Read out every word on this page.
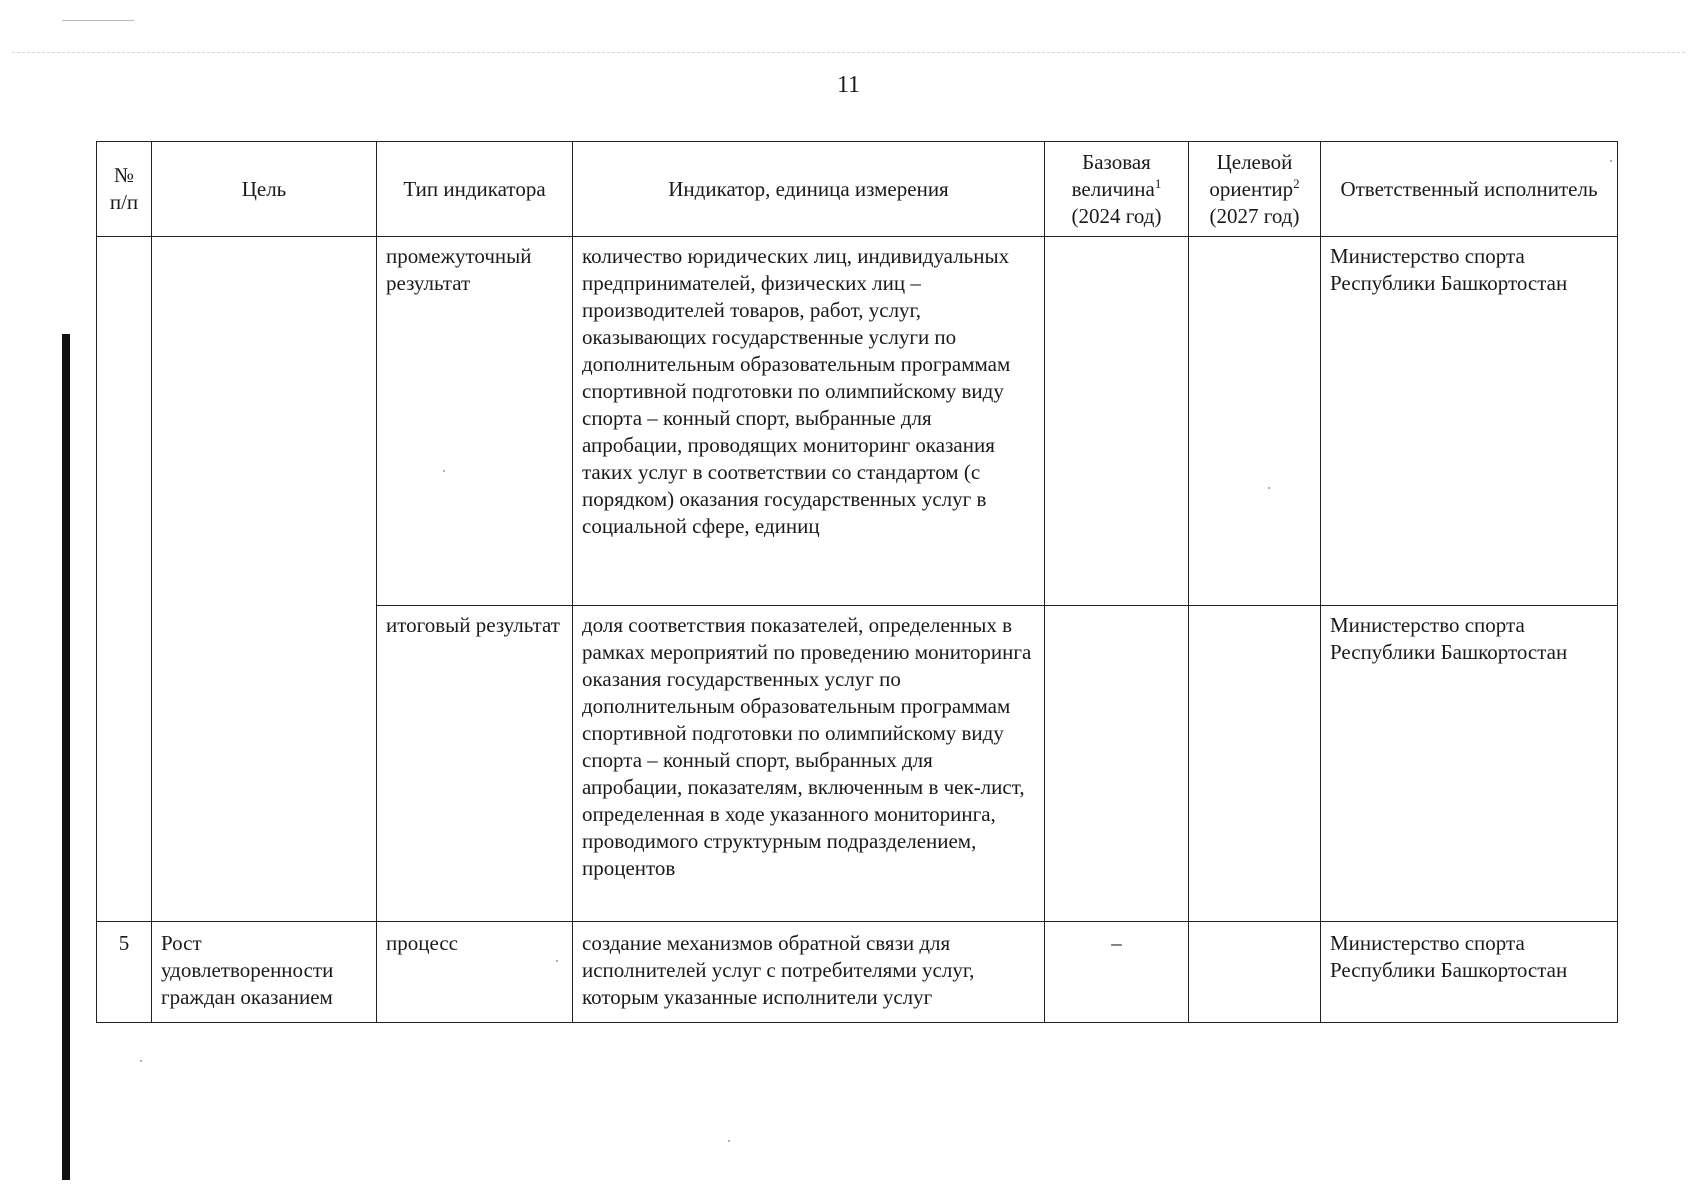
11
№ п/п	Цель	Тип индикатора	Индикатор, единица измерения	Базовая
величина$^1$
(2024 год)	Целевой
ориентир$^2$
(2027 год)	Ответственный исполнитель
		промежуточный результат	количество юридических лиц, индивидуальных предпринимателей, физических лиц – производителей товаров, работ, услуг, оказывающих государственные услуги по дополнительным образовательным программам спортивной подготовки по олимпийскому виду спорта – конный спорт, выбранные для апробации, проводящих мониторинг оказания таких услуг в соответствии со стандартом (с порядком) оказания государственных услуг в социальной сфере, единиц			Министерство спорта Республики Башкортостан
		итоговый результат	доля соответствия показателей, определенных в рамках мероприятий по проведению мониторинга оказания государственных услуг по дополнительным образовательным программам спортивной подготовки по олимпийскому виду спорта – конный спорт, выбранных для апробации, показателям, включенным в чек-лист, определенная в ходе указанного мониторинга, проводимого структурным подразделением, процентов			Министерство спорта Республики Башкортостан
5	Рост удовлетворенности граждан оказанием	процесс	создание механизмов обратной связи для исполнителей услуг с потребителями услуг, которым указанные исполнители услуг	–		Министерство спорта Республики Башкортостан
